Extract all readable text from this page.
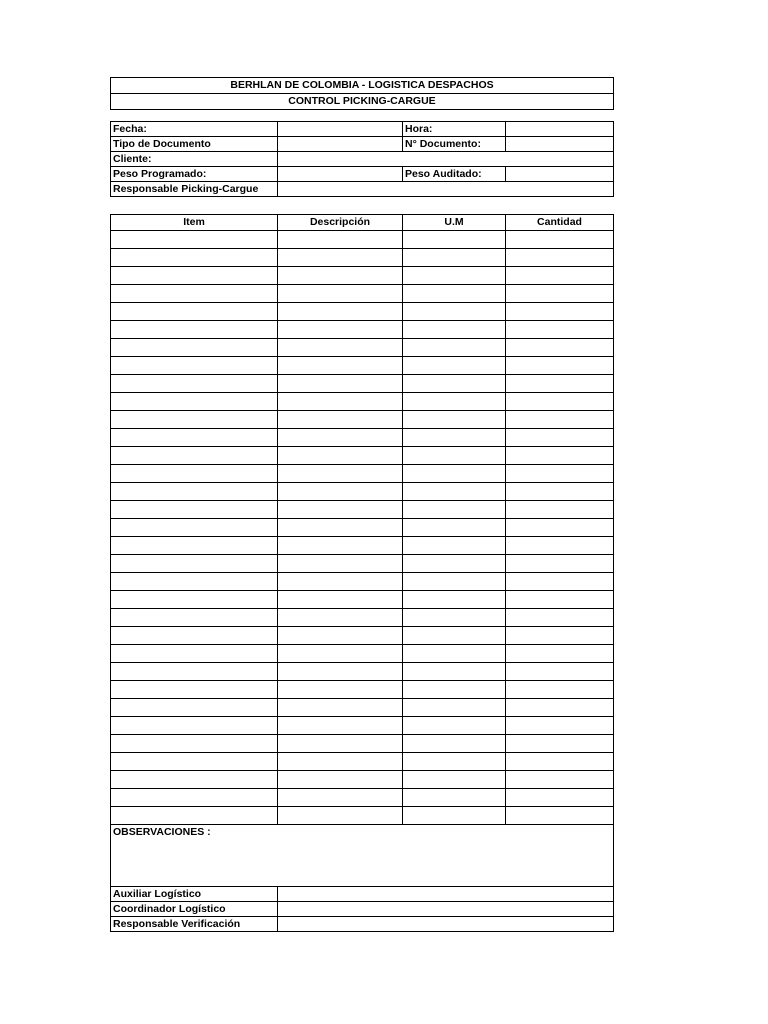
BERHLAN DE COLOMBIA - LOGISTICA DESPACHOS
CONTROL PICKING-CARGUE
Fecha:		Hora:	
Tipo de Documento		N° Documento:	
Cliente:			
Peso Programado:		Peso Auditado:	
Responsable Picking-Cargue			
Item	Descripción	U.M	Cantidad

OBSERVACIONES :			
Auxiliar Logístico			
Coordinador Logístico			
Responsable Verificación			
